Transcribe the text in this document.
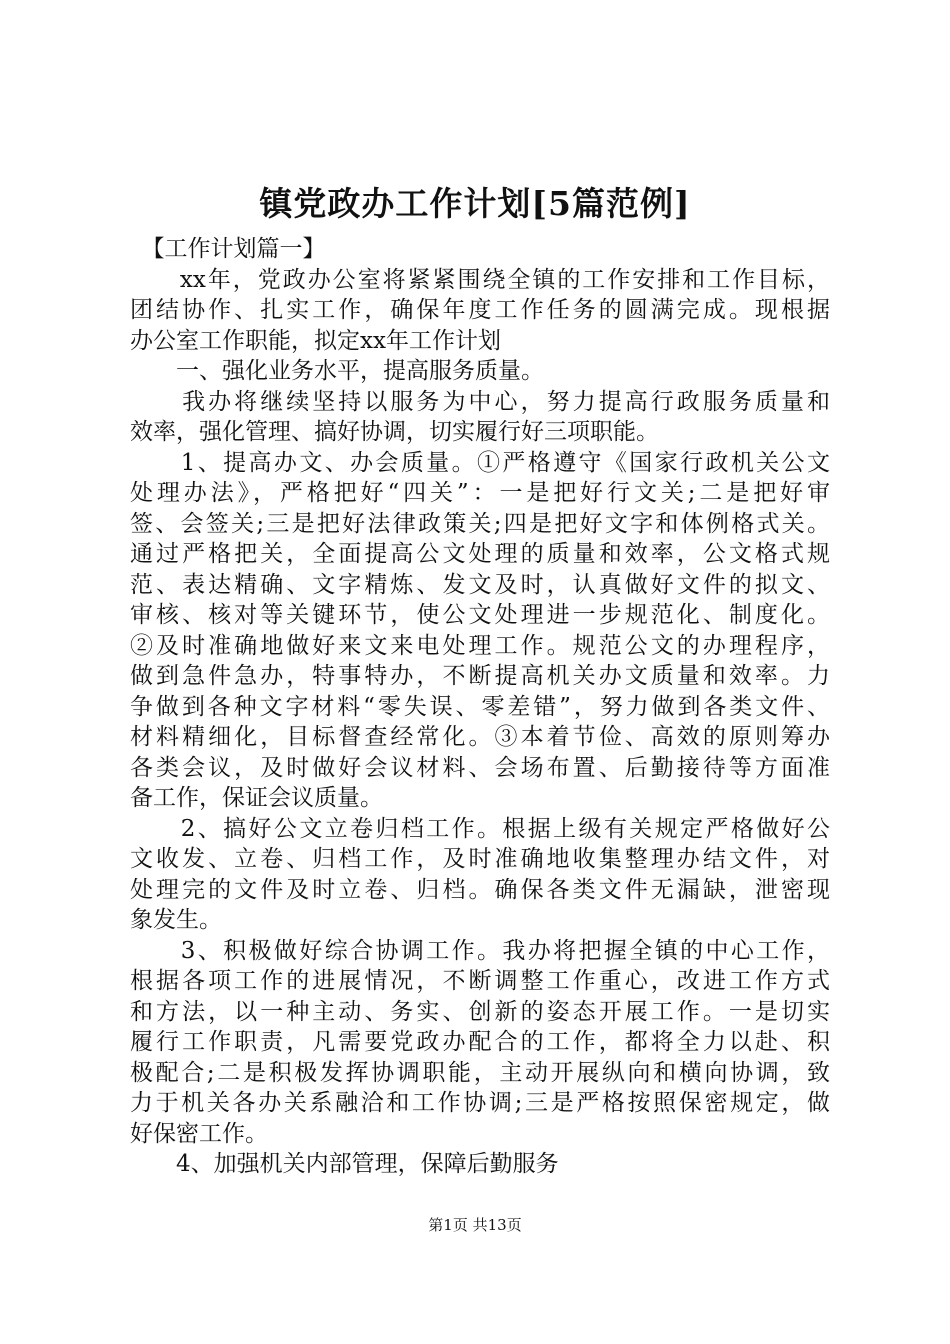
镇党政办工作计划[5篇范例]
　【工作计划篇一】
　　xx年，党政办公室将紧紧围绕全镇的工作安排和工作目标，
团结协作、扎实工作，确保年度工作任务的圆满完成。现根据
办公室工作职能，拟定xx年工作计划
　　一、强化业务水平，提高服务质量。
　　我办将继续坚持以服务为中心，努力提高行政服务质量和
效率，强化管理、搞好协调，切实履行好三项职能。
　　1、提高办文、办会质量。①严格遵守《国家行政机关公文
处理办法》，严格把好“四关”：一是把好行文关;二是把好审
签、会签关;三是把好法律政策关;四是把好文字和体例格式关。
通过严格把关，全面提高公文处理的质量和效率，公文格式规
范、表达精确、文字精炼、发文及时，认真做好文件的拟文、
审核、核对等关键环节，使公文处理进一步规范化、制度化。
②及时准确地做好来文来电处理工作。规范公文的办理程序，
做到急件急办，特事特办，不断提高机关办文质量和效率。力
争做到各种文字材料“零失误、零差错”，努力做到各类文件、
材料精细化，目标督查经常化。③本着节俭、高效的原则筹办
各类会议，及时做好会议材料、会场布置、后勤接待等方面准
备工作，保证会议质量。
　　2、搞好公文立卷归档工作。根据上级有关规定严格做好公
文收发、立卷、归档工作，及时准确地收集整理办结文件，对
处理完的文件及时立卷、归档。确保各类文件无漏缺，泄密现
象发生。
　　3、积极做好综合协调工作。我办将把握全镇的中心工作，
根据各项工作的进展情况，不断调整工作重心，改进工作方式
和方法，以一种主动、务实、创新的姿态开展工作。一是切实
履行工作职责，凡需要党政办配合的工作，都将全力以赴、积
极配合;二是积极发挥协调职能，主动开展纵向和横向协调，致
力于机关各办关系融洽和工作协调;三是严格按照保密规定，做
好保密工作。
　　4、加强机关内部管理，保障后勤服务
第1页 共13页
